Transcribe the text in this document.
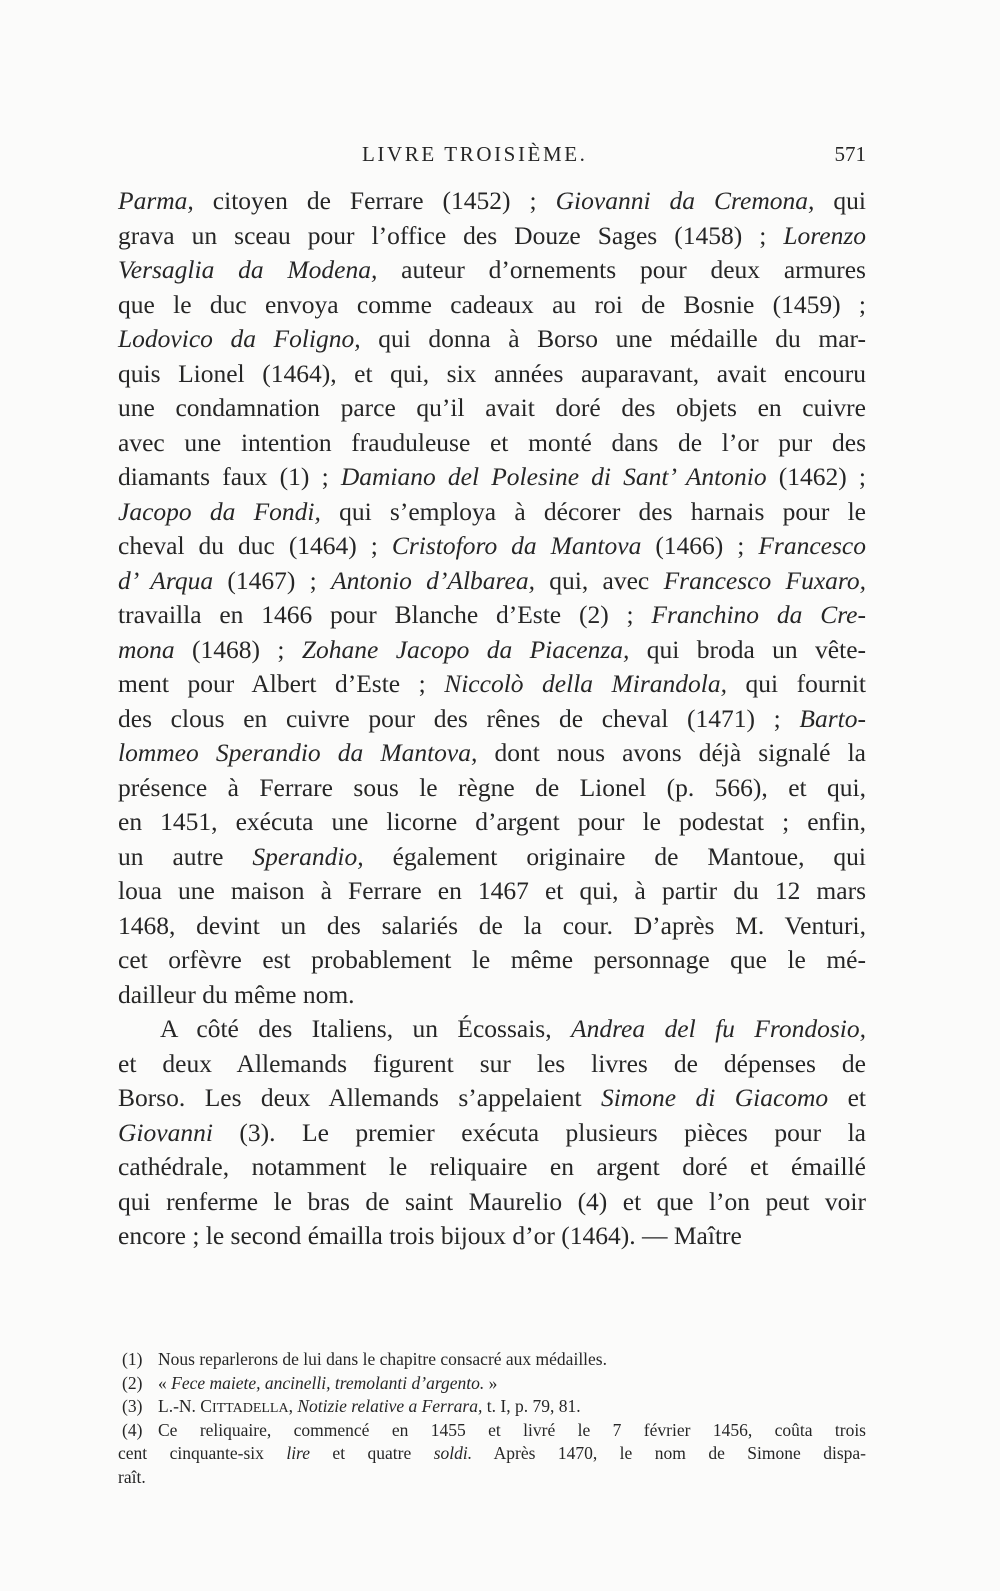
LIVRE TROISIÈME.	571
Parma, citoyen de Ferrare (1452) ; Giovanni da Cremona, qui
grava un sceau pour l’office des Douze Sages (1458) ; Lorenzo
Versaglia da Modena, auteur d’ornements pour deux armures
que le duc envoya comme cadeaux au roi de Bosnie (1459) ;
Lodovico da Foligno, qui donna à Borso une médaille du mar-
quis Lionel (1464), et qui, six années auparavant, avait encouru
une condamnation parce qu’il avait doré des objets en cuivre
avec une intention frauduleuse et monté dans de l’or pur des
diamants faux (1) ; Damiano del Polesine di Sant’ Antonio (1462) ;
Jacopo da Fondi, qui s’employa à décorer des harnais pour le
cheval du duc (1464) ; Cristoforo da Mantova (1466) ; Francesco
d’ Arqua (1467) ; Antonio d’Albarea, qui, avec Francesco Fuxaro,
travailla en 1466 pour Blanche d’Este (2) ; Franchino da Cre-
mona (1468) ; Zohane Jacopo da Piacenza, qui broda un vête-
ment pour Albert d’Este ; Niccolò della Mirandola, qui fournit
des clous en cuivre pour des rênes de cheval (1471) ; Barto-
lommeo Sperandio da Mantova, dont nous avons déjà signalé la
présence à Ferrare sous le règne de Lionel (p. 566), et qui,
en 1451, exécuta une licorne d’argent pour le podestat ; enfin,
un autre Sperandio, également originaire de Mantoue, qui
loua une maison à Ferrare en 1467 et qui, à partir du 12 mars
1468, devint un des salariés de la cour. D’après M. Venturi,
cet orfèvre est probablement le même personnage que le mé-
dailleur du même nom.
A côté des Italiens, un Écossais, Andrea del fu Frondosio,
et deux Allemands figurent sur les livres de dépenses de
Borso. Les deux Allemands s’appelaient Simone di Giacomo et
Giovanni (3). Le premier exécuta plusieurs pièces pour la
cathédrale, notamment le reliquaire en argent doré et émaillé
qui renferme le bras de saint Maurelio (4) et que l’on peut voir
encore ; le second émailla trois bijoux d’or (1464). — Maître
(1) Nous reparlerons de lui dans le chapitre consacré aux médailles.
(2) « Fece maiete, ancinelli, tremolanti d’argento. »
(3) L.-N. CITTADELLA, Notizie relative a Ferrara, t. I, p. 79, 81.
(4) Ce reliquaire, commencé en 1455 et livré le 7 février 1456, coûta trois
cent cinquante-six lire et quatre soldi. Après 1470, le nom de Simone dispa-
raît.
